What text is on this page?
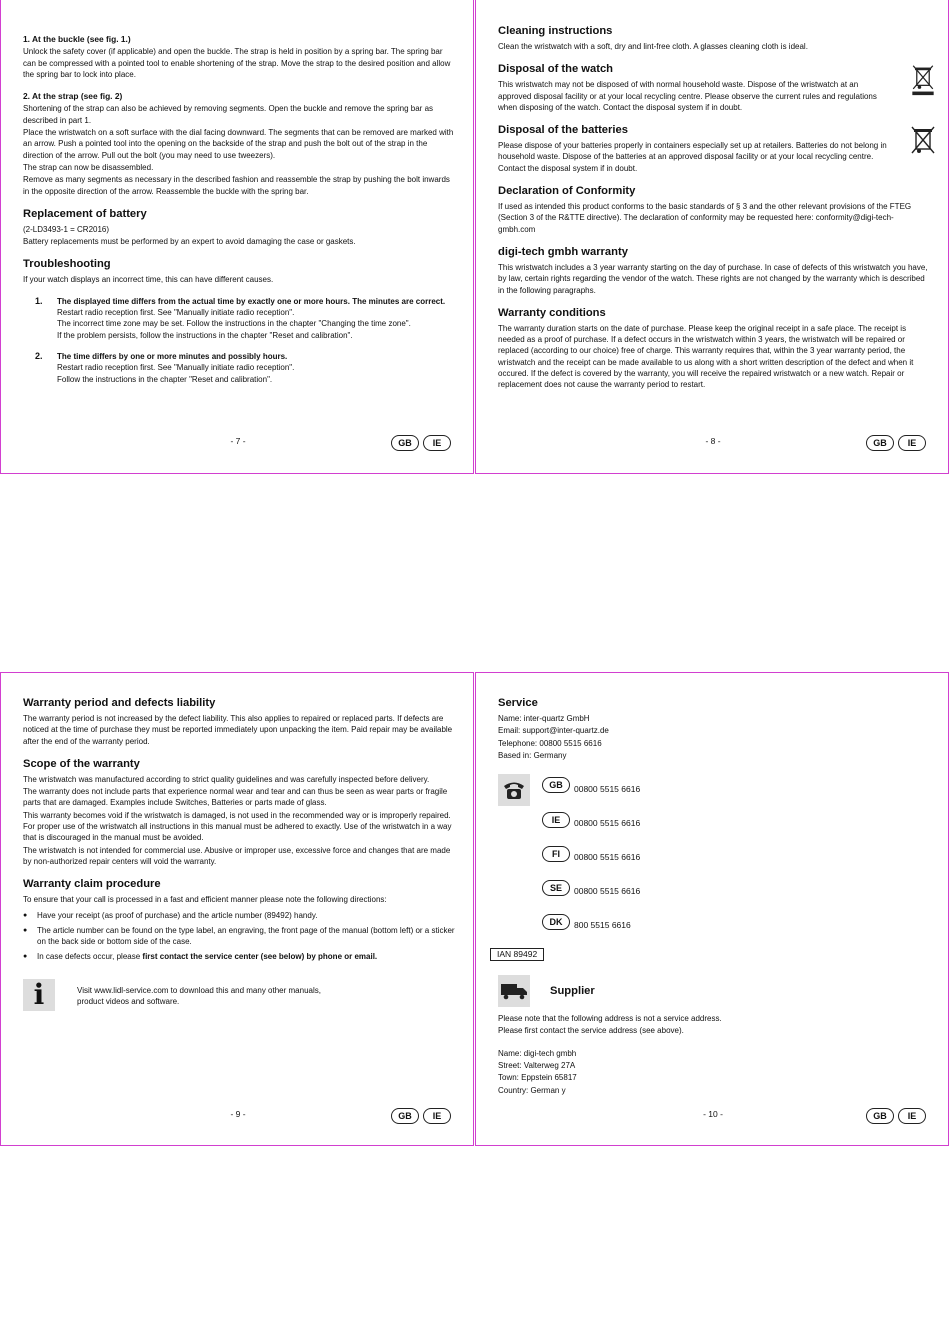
1. At the buckle (see fig. 1.)

Unlock the safety cover (if applicable) and open the buckle. The strap is held in position by a spring bar. The spring bar can be compressed with a pointed tool to enable shortening of the strap. Move the strap to the desired position and allow the spring bar to lock into place.

2. At the strap (see fig. 2)

Shortening of the strap can also be achieved by removing segments. Open the buckle and remove the spring bar as described in part 1.

Place the wristwatch on a soft surface with the dial facing downward. The segments that can be removed are marked with an arrow. Push a pointed tool into the opening on the backside of the strap and push the bolt out of the strap in the direction of the arrow. Pull out the bolt (you may need to use tweezers).

The strap can now be disassembled.

Remove as many segments as necessary in the described fashion and reassemble the strap by pushing the bolt inwards in the opposite direction of the arrow. Reassemble the buckle with the spring bar.

Replacement of battery

(2-LD3493-1 = CR2016)

Battery replacements must be performed by an expert to avoid damaging the case or gaskets.

Troubleshooting

If your watch displays an incorrect time, this can have different causes.

1. The displayed time differs from the actual time by exactly one or more hours. The minutes are correct.
Restart radio reception first. See "Manually initiate radio reception".
The incorrect time zone may be set. Follow the instructions in the chapter "Changing the time zone".
If the problem persists, follow the instructions in the chapter "Reset and calibration".
2. The time differs by one or more minutes and possibly hours.
Restart radio reception first. See "Manually initiate radio reception".
Follow the instructions in the chapter "Reset and calibration".
- 7 -	GB	IE
Cleaning instructions

Clean the wristwatch with a soft, dry and lint-free cloth. A glasses cleaning cloth is ideal.

Disposal of the watch

This wristwatch may not be disposed of with normal household waste. Dispose of the wristwatch at an approved disposal facility or at your local recycling centre. Please observe the current rules and regulations when disposing of the watch. Contact the disposal system if in doubt.

Disposal of the batteries

Please dispose of your batteries properly in containers especially set up at retailers. Batteries do not belong in household waste. Dispose of the batteries at an approved disposal facility or at your local recycling centre. Contact the disposal system if in doubt.

Declaration of Conformity

If used as intended this product conforms to the basic standards of § 3 and the other relevant provisions of the FTEG (Section 3 of the R&TTE directive). The declaration of conformity may be requested here: conformity@digi-tech-gmbh.com

digi-tech gmbh warranty

This wristwatch includes a 3 year warranty starting on the day of purchase. In case of defects of this wristwatch you have, by law, certain rights regarding the vendor of the watch. These rights are not changed by the warranty which is described in the following paragraphs.

Warranty conditions

The warranty duration starts on the date of purchase. Please keep the original receipt in a safe place. The receipt is needed as a proof of purchase. If a defect occurs in the wristwatch within 3 years, the wristwatch will be repaired or replaced (according to our choice) free of charge. This warranty requires that, within the 3 year warranty period, the wristwatch and the receipt can be made available to us along with a short written description of the defect and when it occured. If the defect is covered by the warranty, you will receive the repaired wristwatch or a new watch. Repair or replacement does not cause the warranty period to restart.

- 8 -	GB	IE
Warranty period and defects liability

The warranty period is not increased by the defect liability. This also applies to repaired or replaced parts. If defects are noticed at the time of purchase they must be reported immediately upon unpacking the item. Paid repair may be available after the end of the warranty period.

Scope of the warranty

The wristwatch was manufactured according to strict quality guidelines and was carefully inspected before delivery.

The warranty does not include parts that experience normal wear and tear and can thus be seen as wear parts or fragile parts that are damaged. Examples include Switches, Batteries or parts made of glass.

This warranty becomes void if the wristwatch is damaged, is not used in the recommended way or is improperly repaired. For proper use of the wristwatch all instructions in this manual must be adhered to exactly. Use of the wristwatch in a way that is discouraged in the manual must be avoided.

The wristwatch is not intended for commercial use. Abusive or improper use, excessive force and changes that are made by non-authorized repair centers will void the warranty.

Warranty claim procedure

To ensure that your call is processed in a fast and efficient manner please note the following directions:

● Have your receipt (as proof of purchase) and the article number (89492) handy.
● The article number can be found on the type label, an engraving, the front page of the manual (bottom left) or a sticker on the back side or bottom side of the case.
● In case defects occur, please first contact the service center (see below) by phone or email.
i	Visit www.lidl-service.com to download this and many other manuals,
product videos and software.
- 9 -	GB	IE
Service

Name: inter-quartz GmbH

Email: support@inter-quartz.de

Telephone: 00800 5515 6616

Based in: Germany

GB	00800 5515 6616
IE	00800 5515 6616
FI	00800 5515 6616
SE	00800 5515 6616
DK	800 5515 6616
IAN 89492
Supplier

Please note that the following address is not a service address.

Please first contact the service address (see above).

Name: digi-tech gmbh

Street: Valterweg 27A

Town: Eppstein 65817

Country: German y

- 10 -	GB	IE
